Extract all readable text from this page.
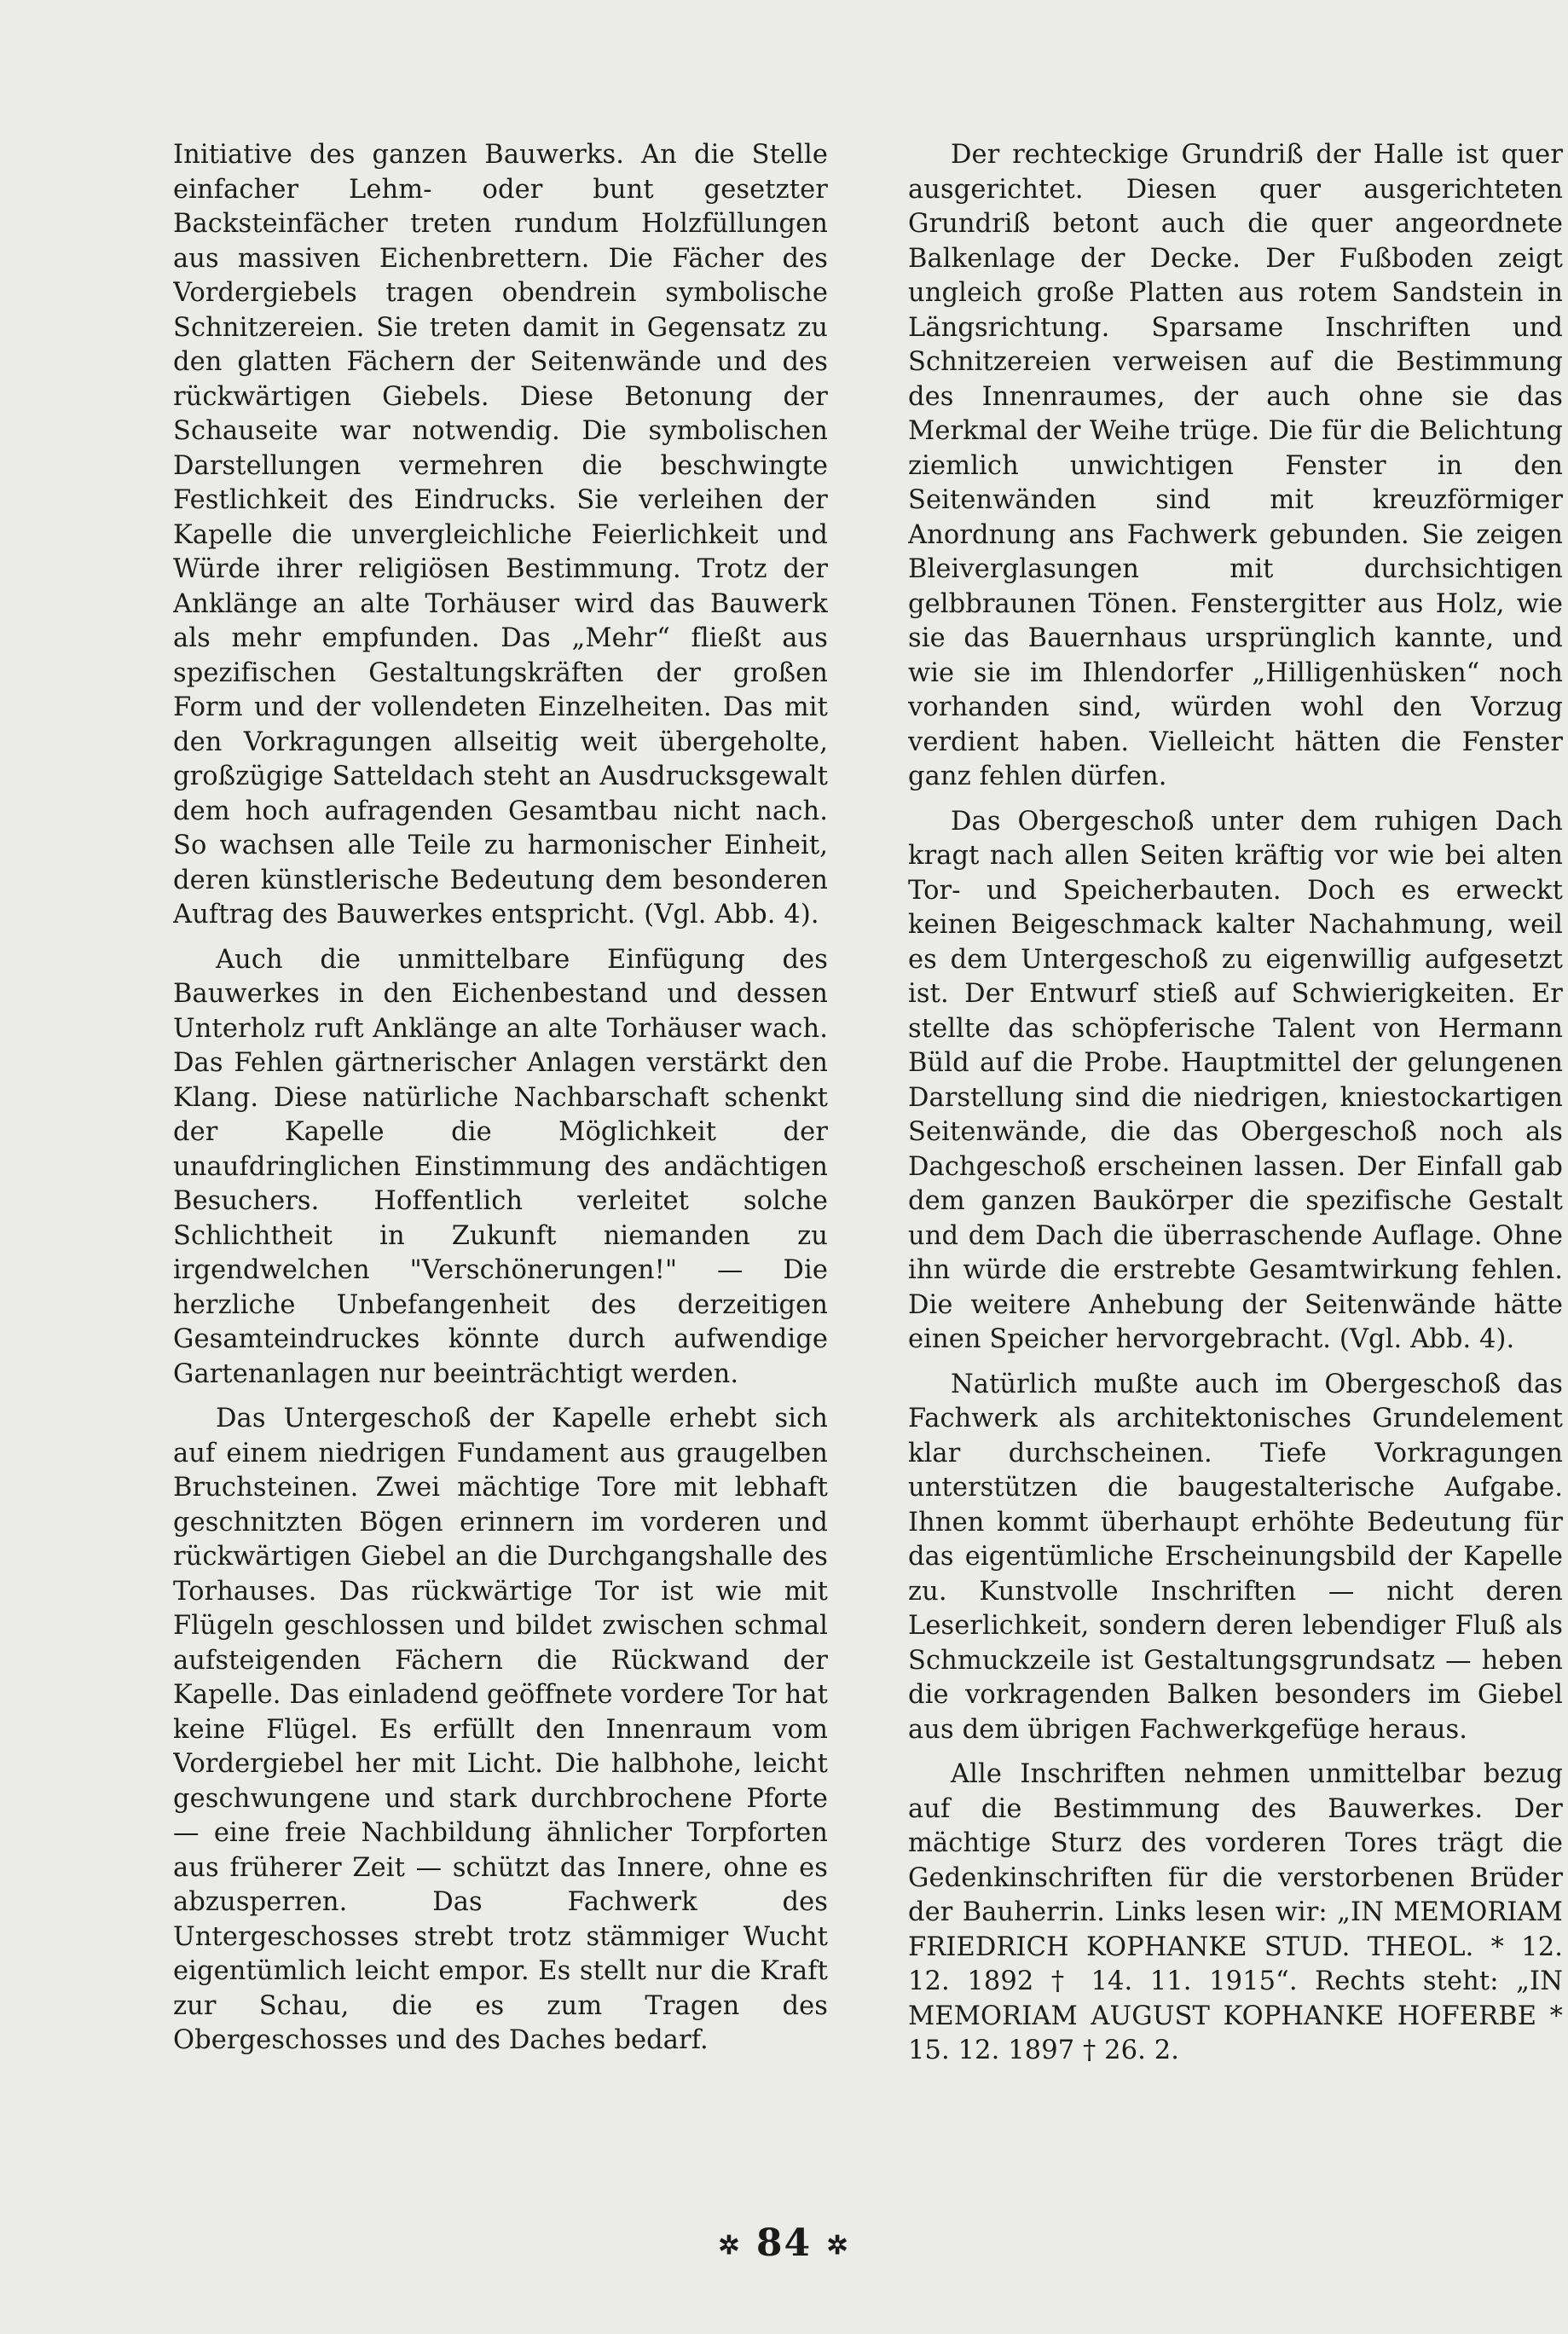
Initiative des ganzen Bauwerks. An die Stelle einfacher Lehm- oder bunt gesetzter Backsteinfächer treten rundum Holzfüllungen aus massiven Eichenbrettern. Die Fächer des Vordergiebels tragen obendrein symbolische Schnitzereien. Sie treten damit in Gegensatz zu den glatten Fächern der Seitenwände und des rückwärtigen Giebels. Diese Betonung der Schauseite war notwendig. Die symbolischen Darstellungen vermehren die beschwingte Festlichkeit des Eindrucks. Sie verleihen der Kapelle die unvergleichliche Feierlichkeit und Würde ihrer religiösen Bestimmung. Trotz der Anklänge an alte Torhäuser wird das Bauwerk als mehr empfunden. Das „Mehr“ fließt aus spezifischen Gestaltungskräften der großen Form und der vollendeten Einzelheiten. Das mit den Vorkragungen allseitig weit übergeholte, großzügige Satteldach steht an Ausdrucksgewalt dem hoch aufragenden Gesamtbau nicht nach. So wachsen alle Teile zu harmonischer Einheit, deren künstlerische Bedeutung dem besonderen Auftrag des Bauwerkes entspricht. (Vgl. Abb. 4).

Auch die unmittelbare Einfügung des Bauwerkes in den Eichenbestand und dessen Unterholz ruft Anklänge an alte Torhäuser wach. Das Fehlen gärtnerischer Anlagen verstärkt den Klang. Diese natürliche Nachbarschaft schenkt der Kapelle die Möglichkeit der unaufdringlichen Einstimmung des andächtigen Besuchers. Hoffentlich verleitet solche Schlichtheit in Zukunft niemanden zu irgendwelchen "Verschönerungen!" — Die herzliche Unbefangenheit des derzeitigen Gesamteindruckes könnte durch aufwendige Gartenanlagen nur beeinträchtigt werden.

Das Untergeschoß der Kapelle erhebt sich auf einem niedrigen Fundament aus graugelben Bruchsteinen. Zwei mächtige Tore mit lebhaft geschnitzten Bögen erinnern im vorderen und rückwärtigen Giebel an die Durchgangshalle des Torhauses. Das rückwärtige Tor ist wie mit Flügeln geschlossen und bildet zwischen schmal aufsteigenden Fächern die Rückwand der Kapelle. Das einladend geöffnete vordere Tor hat keine Flügel. Es erfüllt den Innenraum vom Vordergiebel her mit Licht. Die halbhohe, leicht geschwungene und stark durchbrochene Pforte — eine freie Nachbildung ähnlicher Torpforten aus früherer Zeit — schützt das Innere, ohne es abzusperren. Das Fachwerk des Untergeschosses strebt trotz stämmiger Wucht eigentümlich leicht empor. Es stellt nur die Kraft zur Schau, die es zum Tragen des Obergeschosses und des Daches bedarf.

Der rechteckige Grundriß der Halle ist quer ausgerichtet. Diesen quer ausgerichteten Grundriß betont auch die quer angeordnete Balkenlage der Decke. Der Fußboden zeigt ungleich große Platten aus rotem Sandstein in Längsrichtung. Sparsame Inschriften und Schnitzereien verweisen auf die Bestimmung des Innenraumes, der auch ohne sie das Merkmal der Weihe trüge. Die für die Belichtung ziemlich unwichtigen Fenster in den Seitenwänden sind mit kreuzförmiger Anordnung ans Fachwerk gebunden. Sie zeigen Bleiverglasungen mit durchsichtigen gelbbraunen Tönen. Fenstergitter aus Holz, wie sie das Bauernhaus ursprünglich kannte, und wie sie im Ihlendorfer „Hilligenhüsken“ noch vorhanden sind, würden wohl den Vorzug verdient haben. Vielleicht hätten die Fenster ganz fehlen dürfen.

Das Obergeschoß unter dem ruhigen Dach kragt nach allen Seiten kräftig vor wie bei alten Tor- und Speicherbauten. Doch es erweckt keinen Beigeschmack kalter Nachahmung, weil es dem Untergeschoß zu eigenwillig aufgesetzt ist. Der Entwurf stieß auf Schwierigkeiten. Er stellte das schöpferische Talent von Hermann Büld auf die Probe. Hauptmittel der gelungenen Darstellung sind die niedrigen, kniestockartigen Seitenwände, die das Obergeschoß noch als Dachgeschoß erscheinen lassen. Der Einfall gab dem ganzen Baukörper die spezifische Gestalt und dem Dach die überraschende Auflage. Ohne ihn würde die erstrebte Gesamtwirkung fehlen. Die weitere Anhebung der Seitenwände hätte einen Speicher hervorgebracht. (Vgl. Abb. 4).

Natürlich mußte auch im Obergeschoß das Fachwerk als architektonisches Grundelement klar durchscheinen. Tiefe Vorkragungen unterstützen die baugestalterische Aufgabe. Ihnen kommt überhaupt erhöhte Bedeutung für das eigentümliche Erscheinungsbild der Kapelle zu. Kunstvolle Inschriften — nicht deren Leserlichkeit, sondern deren lebendiger Fluß als Schmuckzeile ist Gestaltungsgrundsatz — heben die vorkragenden Balken besonders im Giebel aus dem übrigen Fachwerkgefüge heraus.

Alle Inschriften nehmen unmittelbar bezug auf die Bestimmung des Bauwerkes. Der mächtige Sturz des vorderen Tores trägt die Gedenkinschriften für die verstorbenen Brüder der Bauherrin. Links lesen wir: „IN MEMORIAM FRIEDRICH KOPHANKE STUD. THEOL. * 12. 12. 1892 † 14. 11. 1915“. Rechts steht: „IN MEMORIAM AUGUST KOPHANKE HOFERBE * 15. 12. 1897 † 26. 2.

✲ 84 ✲
